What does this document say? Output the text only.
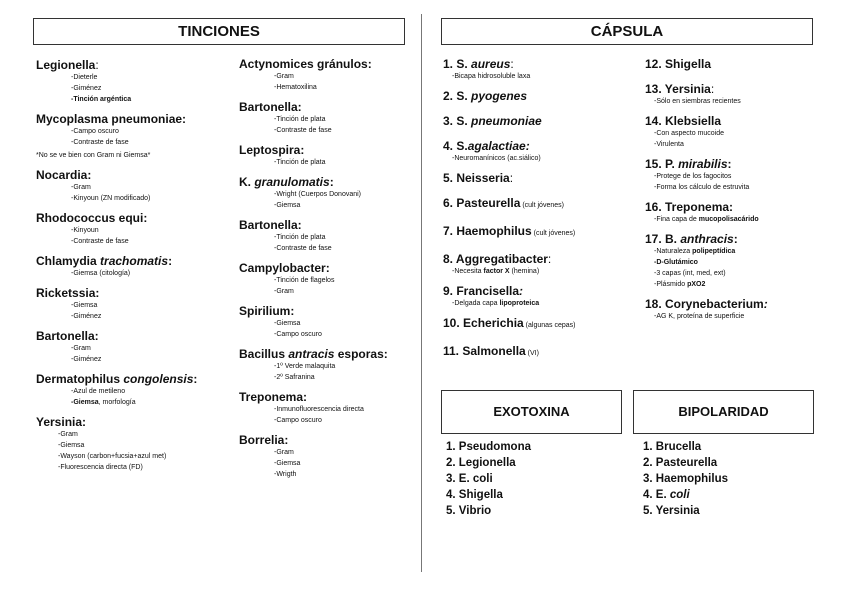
TINCIONES
Legionella:
-Dieterle
-Giménez
-Tinción argéntica
Mycoplasma pneumoniae:
-Campo oscuro
-Contraste de fase
*No se ve bien con Gram ni Giemsa*
Nocardia:
-Gram
-Kinyoun (ZN modificado)
Rhodococcus equi:
-Kinyoun
-Contraste de fase
Chlamydia trachomatis:
-Giemsa (citología)
Ricketssia:
-Giemsa
-Giménez
Bartonella:
-Gram
-Giménez
Dermatophilus congolensis:
-Azul de metileno
-Giemsa, morfología
Yersinia:
-Gram
-Giemsa
-Wayson (carbon+fucsia+azul met)
-Fluorescencia directa (FD)
Actynomices gránulos:
-Gram
-Hematoxilina
Bartonella:
-Tinción de plata
-Contraste de fase
Leptospira:
-Tinción de plata
K. granulomatis:
-Wright (Cuerpos Donovani)
-Giemsa
Bartonella:
-Tinción de plata
-Contraste de fase
Campylobacter:
-Tinción de flagelos
-Gram
Spirilium:
-Giemsa
-Campo oscuro
Bacillus antracis esporas:
-1º Verde malaquita
-2º Safranina
Treponema:
-Inmunofluorescencia directa
-Campo oscuro
Borrelia:
-Gram
-Giemsa
-Wrigth
CÁPSULA
1. S. aureus:
-Bicapa hidrosoluble laxa
2. S. pyogenes
3. S. pneumoniae
4. S.agalactiae:
-Neuromanínicos (ac.siálico)
5. Neisseria:
6. Pasteurella (cult jóvenes)
7. Haemophilus (cult jóvenes)
8. Aggregatibacter:
-Necesita factor X (hemina)
9. Francisella:
-Delgada capa lipoproteica
10. Echerichia (algunas cepas)
11. Salmonella (VI)
12. Shigella
13. Yersinia:
-Sólo en siembras recientes
14. Klebsiella
-Con aspecto mucoide
-Virulenta
15. P. mirabilis:
-Protege de los fagocitos
-Forma los cálculo de estruvita
16. Treponema:
-Fina capa de mucopolisacárido
17. B. anthracis:
-Naturaleza polipeptídica
-D-Glutámico
-3 capas (int, med, ext)
-Plásmido pXO2
18. Corynebacterium:
-AG K, proteína de superficie
EXOTOXINA
1. Pseudomona
2. Legionella
3. E. coli
4. Shigella
5. Vibrio
BIPOLARIDAD
1. Brucella
2. Pasteurella
3. Haemophilus
4. E. coli
5. Yersinia
